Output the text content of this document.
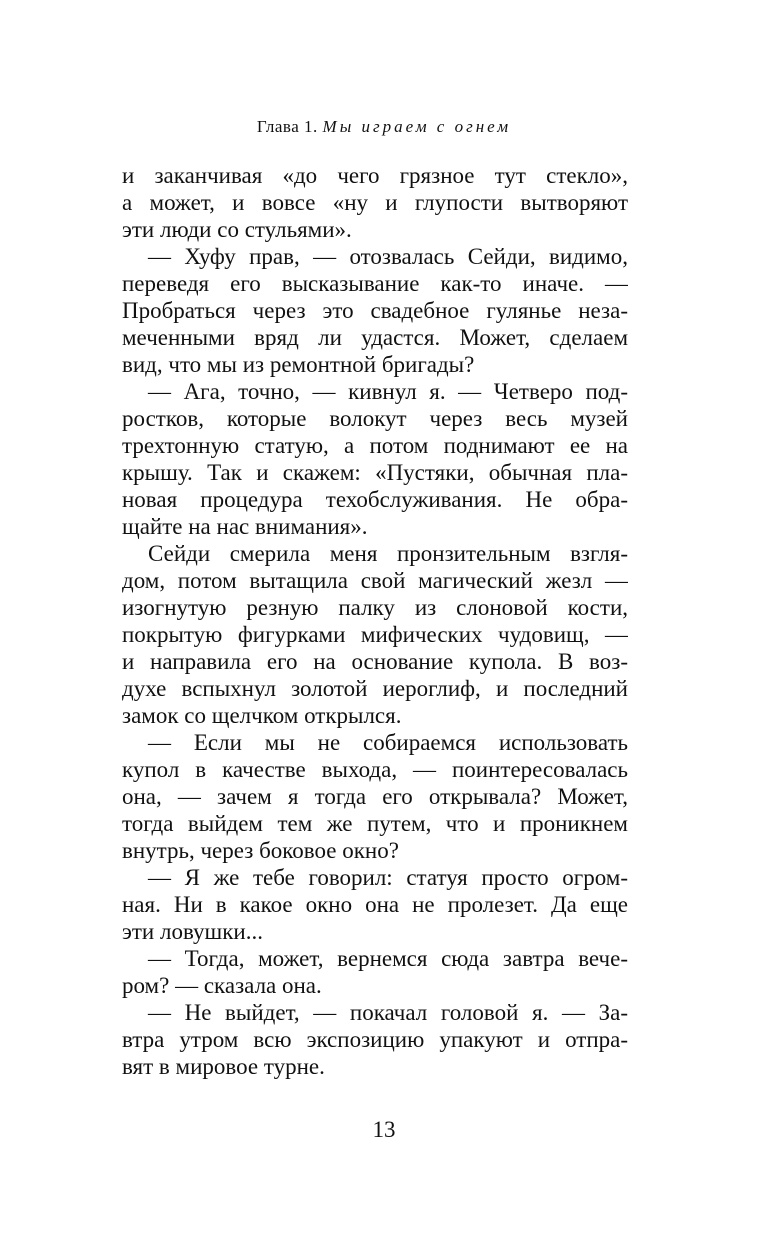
Глава 1. Мы играем с огнем
и заканчивая «до чего грязное тут стекло»,
а может, и вовсе «ну и глупости вытворяют
эти люди со стульями».
— Хуфу прав, — отозвалась Сейди, видимо,
переведя его высказывание как-то иначе. —
Пробраться через это свадебное гулянье неза-
меченными вряд ли удастся. Может, сделаем
вид, что мы из ремонтной бригады?
— Ага, точно, — кивнул я. — Четверо под-
ростков, которые волокут через весь музей
трехтонную статую, а потом поднимают ее на
крышу. Так и скажем: «Пустяки, обычная пла-
новая процедура техобслуживания. Не обра-
щайте на нас внимания».
Сейди смерила меня пронзительным взгля-
дом, потом вытащила свой магический жезл —
изогнутую резную палку из слоновой кости,
покрытую фигурками мифических чудовищ, —
и направила его на основание купола. В воз-
духе вспыхнул золотой иероглиф, и последний
замок со щелчком открылся.
— Если мы не собираемся использовать
купол в качестве выхода, — поинтересовалась
она, — зачем я тогда его открывала? Может,
тогда выйдем тем же путем, что и проникнем
внутрь, через боковое окно?
— Я же тебе говорил: статуя просто огром-
ная. Ни в какое окно она не пролезет. Да еще
эти ловушки...
— Тогда, может, вернемся сюда завтра вече-
ром? — сказала она.
— Не выйдет, — покачал головой я. — За-
втра утром всю экспозицию упакуют и отпра-
вят в мировое турне.
13
